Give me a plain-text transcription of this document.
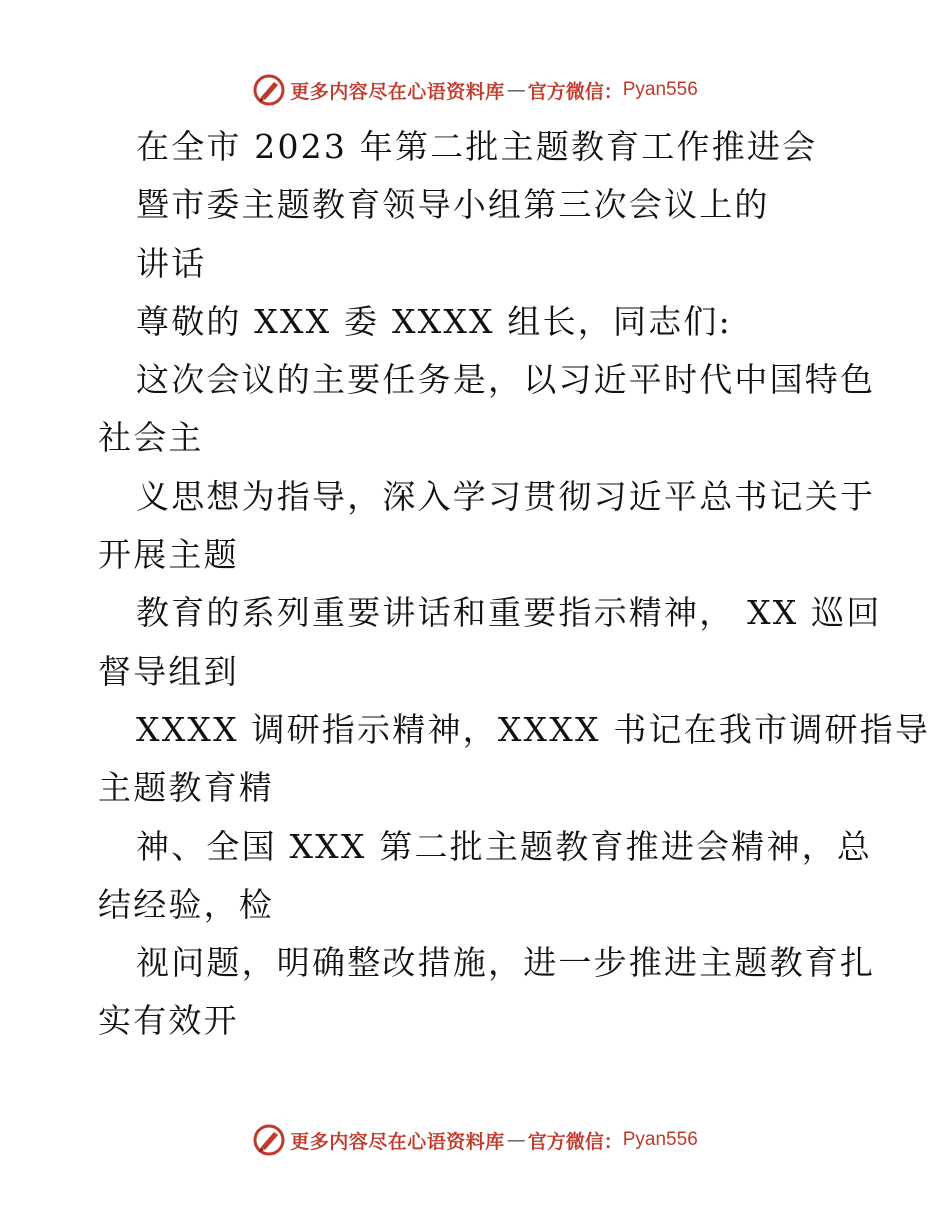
更多内容尽在心语资料库 — 官方微信： Pyan556
在全市 2023 年第二批主题教育工作推进会
暨市委主题教育领导小组第三次会议上的
讲话
尊敬的 XXX 委 XXXX 组长，同志们:
这次会议的主要任务是，以习近平时代中国特色
社会主
义思想为指导，深入学习贯彻习近平总书记关于
开展主题
教育的系列重要讲话和重要指示精神， XX 巡回
督导组到
XXXX 调研指示精神，XXXX 书记在我市调研指导
主题教育精
神、全国 XXX 第二批主题教育推进会精神，总
结经验，检
视问题，明确整改措施，进一步推进主题教育扎
实有效开
更多内容尽在心语资料库 — 官方微信： Pyan556
